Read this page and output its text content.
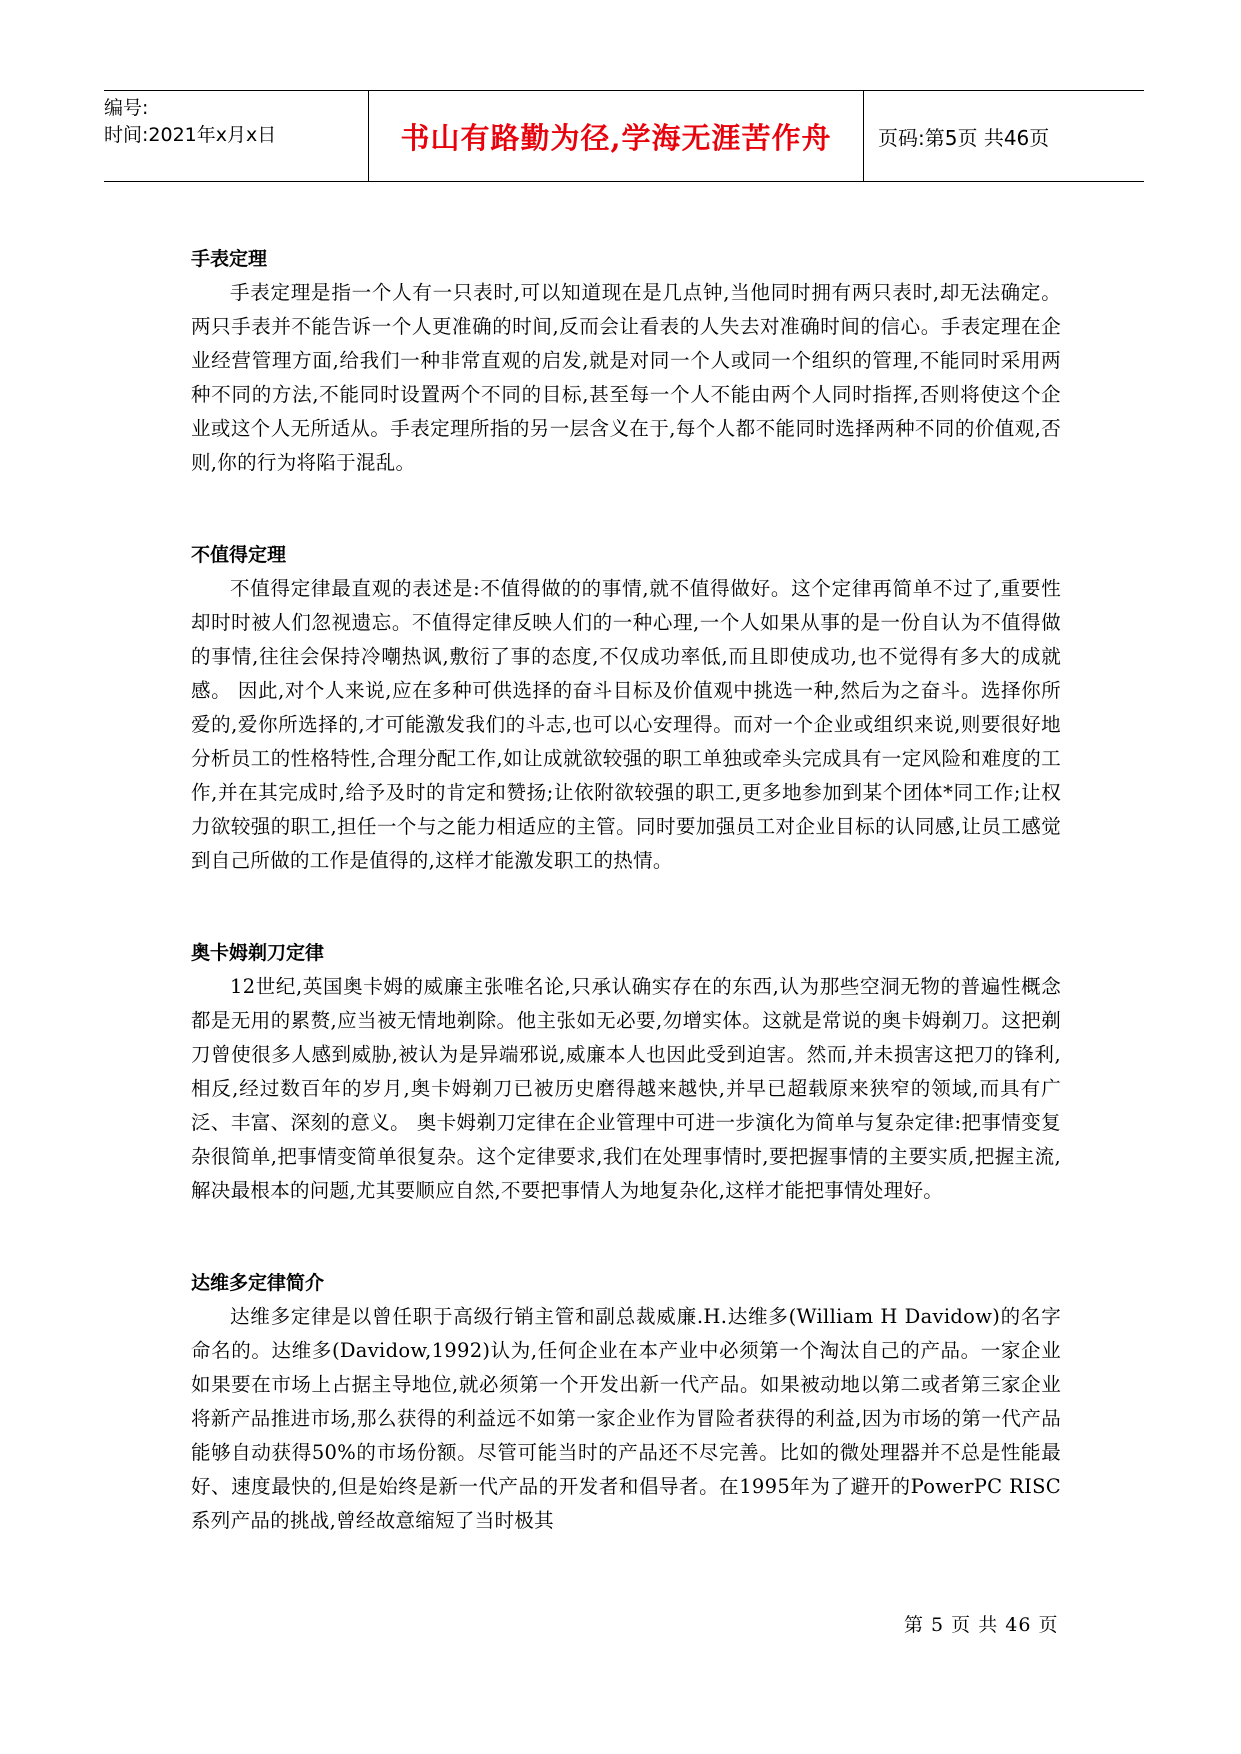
编号:
时间:2021年x月x日	书山有路勤为径,学海无涯苦作舟	页码:第5页 共46页
手表定理

手表定理是指一个人有一只表时,可以知道现在是几点钟,当他同时拥有两只表时,却无法确定。两只手表并不能告诉一个人更准确的时间,反而会让看表的人失去对准确时间的信心。手表定理在企业经营管理方面,给我们一种非常直观的启发,就是对同一个人或同一个组织的管理,不能同时采用两种不同的方法,不能同时设置两个不同的目标,甚至每一个人不能由两个人同时指挥,否则将使这个企业或这个人无所适从。手表定理所指的另一层含义在于,每个人都不能同时选择两种不同的价值观,否则,你的行为将陷于混乱。

不值得定理

不值得定律最直观的表述是:不值得做的的事情,就不值得做好。这个定律再简单不过了,重要性却时时被人们忽视遗忘。不值得定律反映人们的一种心理,一个人如果从事的是一份自认为不值得做的事情,往往会保持冷嘲热讽,敷衍了事的态度,不仅成功率低,而且即使成功,也不觉得有多大的成就感。 因此,对个人来说,应在多种可供选择的奋斗目标及价值观中挑选一种,然后为之奋斗。选择你所爱的,爱你所选择的,才可能激发我们的斗志,也可以心安理得。而对一个企业或组织来说,则要很好地分析员工的性格特性,合理分配工作,如让成就欲较强的职工单独或牵头完成具有一定风险和难度的工作,并在其完成时,给予及时的肯定和赞扬;让依附欲较强的职工,更多地参加到某个团体*同工作;让权力欲较强的职工,担任一个与之能力相适应的主管。同时要加强员工对企业目标的认同感,让员工感觉到自己所做的工作是值得的,这样才能激发职工的热情。

奥卡姆剃刀定律

12世纪,英国奥卡姆的威廉主张唯名论,只承认确实存在的东西,认为那些空洞无物的普遍性概念都是无用的累赘,应当被无情地剃除。他主张如无必要,勿增实体。这就是常说的奥卡姆剃刀。这把剃刀曾使很多人感到威胁,被认为是异端邪说,威廉本人也因此受到迫害。然而,并未损害这把刀的锋利,相反,经过数百年的岁月,奥卡姆剃刀已被历史磨得越来越快,并早已超载原来狭窄的领域,而具有广泛、丰富、深刻的意义。 奥卡姆剃刀定律在企业管理中可进一步演化为简单与复杂定律:把事情变复杂很简单,把事情变简单很复杂。这个定律要求,我们在处理事情时,要把握事情的主要实质,把握主流,解决最根本的问题,尤其要顺应自然,不要把事情人为地复杂化,这样才能把事情处理好。

达维多定律简介

达维多定律是以曾任职于高级行销主管和副总裁威廉.H.达维多(William H Davidow)的名字命名的。达维多(Davidow,1992)认为,任何企业在本产业中必须第一个淘汰自己的产品。一家企业如果要在市场上占据主导地位,就必须第一个开发出新一代产品。如果被动地以第二或者第三家企业将新产品推进市场,那么获得的利益远不如第一家企业作为冒险者获得的利益,因为市场的第一代产品能够自动获得50%的市场份额。尽管可能当时的产品还不尽完善。比如的微处理器并不总是性能最好、速度最快的,但是始终是新一代产品的开发者和倡导者。在1995年为了避开的PowerPC RISC系列产品的挑战,曾经故意缩短了当时极其

第 5 页 共 46 页
